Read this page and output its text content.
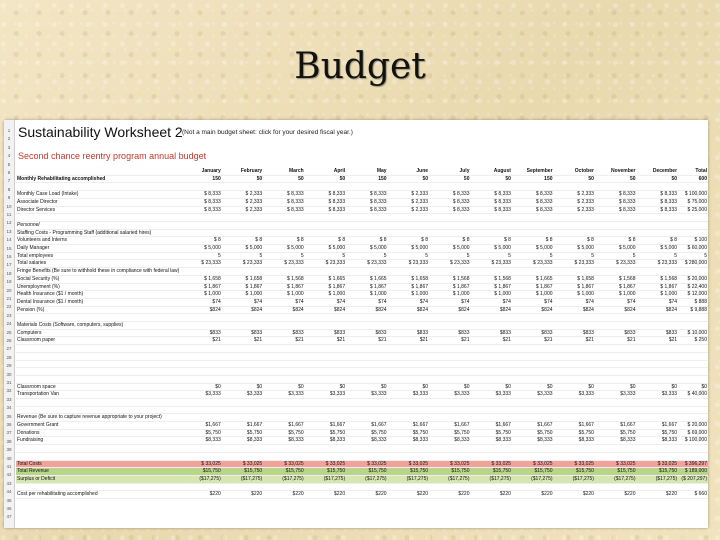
Budget
1
2
3
4
5
6
7
8
9
10
11
12
13
14
15
16
17
18
19
20
21
22
23
24
25
26
27
28
29
30
31
32
33
34
35
36
37
38
39
40
41
42
43
44
45
46
47
Sustainability Worksheet 2 (Not a main budget sheet: click for your desired fiscal year.)
Second chance reentry program annual budget
	January	February	March	April	May	June	July	August	September	October	November	December	Total
Monthly Rehabilitating accomplished	150	50	50	50	150	50	50	50	150	50	50	50	600

Monthly Case Load (Intake)	$ 8,333	$ 2,333	$ 8,333	$ 8,333	$ 8,333	$ 2,333	$ 8,333	$ 8,333	$ 8,333	$ 2,333	$ 8,333	$ 8,333	$ 100,000
Associate Director	$ 8,333	$ 2,333	$ 8,333	$ 8,333	$ 8,333	$ 2,333	$ 8,333	$ 8,333	$ 8,333	$ 2,333	$ 8,333	$ 8,333	$ 75,000
Director Services	$ 8,333	$ 2,333	$ 8,333	$ 8,333	$ 8,333	$ 2,333	$ 8,333	$ 8,333	$ 8,333	$ 2,333	$ 8,333	$ 8,333	$ 25,000

Personnel													
Staffing Costs - Programming Staff (additional salaried hires)													
Volunteers and Interns	$ 8	$ 8	$ 8	$ 8	$ 8	$ 8	$ 8	$ 8	$ 8	$ 8	$ 8	$ 8	$ 100
Daily Manager	$ 5,000	$ 5,000	$ 5,000	$ 5,000	$ 5,000	$ 5,000	$ 5,000	$ 5,000	$ 5,000	$ 5,000	$ 5,000	$ 5,000	$ 60,000
Total employees	5	5	5	5	5	5	5	5	5	5	5	5	5
Total salaries	$ 23,333	$ 23,333	$ 23,333	$ 23,333	$ 23,333	$ 23,333	$ 23,333	$ 23,333	$ 23,333	$ 23,333	$ 23,333	$ 23,333	$ 280,000
Fringe Benefits (Be sure to withhold these in compliance with federal law)													
Social Security (%)	$ 1,658	$ 1,658	$ 1,568	$ 1,665	$ 1,665	$ 1,658	$ 1,568	$ 1,568	$ 1,665	$ 1,658	$ 1,568	$ 1,568	$ 20,000
Unemployment (%)	$ 1,867	$ 1,867	$ 1,867	$ 1,867	$ 1,867	$ 1,867	$ 1,867	$ 1,867	$ 1,867	$ 1,867	$ 1,867	$ 1,867	$ 22,400
Health Insurance ($1 / month)	$ 1,000	$ 1,000	$ 1,000	$ 1,000	$ 1,000	$ 1,000	$ 1,000	$ 1,000	$ 1,000	$ 1,000	$ 1,000	$ 1,000	$ 12,000
Dental Insurance ($1 / month)	$74	$74	$74	$74	$74	$74	$74	$74	$74	$74	$74	$74	$ 888
Pension (%)	$824	$824	$824	$824	$824	$824	$824	$824	$824	$824	$824	$824	$ 9,888

Materials Costs (Software, computers, supplies)													
Computers	$833	$833	$833	$833	$833	$833	$833	$833	$833	$833	$833	$833	$ 10,000
Classroom paper	$21	$21	$21	$21	$21	$21	$21	$21	$21	$21	$21	$21	$ 250

Classroom space	$0	$0	$0	$0	$0	$0	$0	$0	$0	$0	$0	$0	$0
Transportation Van	$3,333	$3,333	$3,333	$3,333	$3,333	$3,333	$3,333	$3,333	$3,333	$3,333	$3,333	$3,333	$ 40,000

Revenue (Be sure to capture revenue appropriate to your project)													
Government Grant	$1,667	$1,667	$1,667	$1,667	$1,667	$1,667	$1,667	$1,667	$1,667	$1,667	$1,667	$1,667	$ 20,000
Donations	$5,750	$5,750	$5,750	$5,750	$5,750	$5,750	$5,750	$5,750	$5,750	$5,750	$5,750	$5,750	$ 69,000
Fundraising	$8,333	$8,333	$8,333	$8,333	$8,333	$8,333	$8,333	$8,333	$8,333	$8,333	$8,333	$8,333	$ 100,000

Total Costs	$ 33,025	$ 33,025	$ 33,025	$ 33,025	$ 33,025	$ 33,025	$ 33,025	$ 33,025	$ 33,025	$ 33,025	$ 33,025	$ 33,025	$ 396,297
Total Revenue	$15,750	$15,750	$15,750	$15,750	$15,750	$15,750	$15,750	$15,750	$15,750	$15,750	$15,750	$15,750	$ 189,000
Surplus or Deficit	($17,275)	($17,275)	($17,275)	($17,275)	($17,275)	($17,275)	($17,275)	($17,275)	($17,275)	($17,275)	($17,275)	($17,275)	($ 207,297)

Cost per rehabilitating accomplished	$220	$220	$220	$220	$220	$220	$220	$220	$220	$220	$220	$220	$ 660
